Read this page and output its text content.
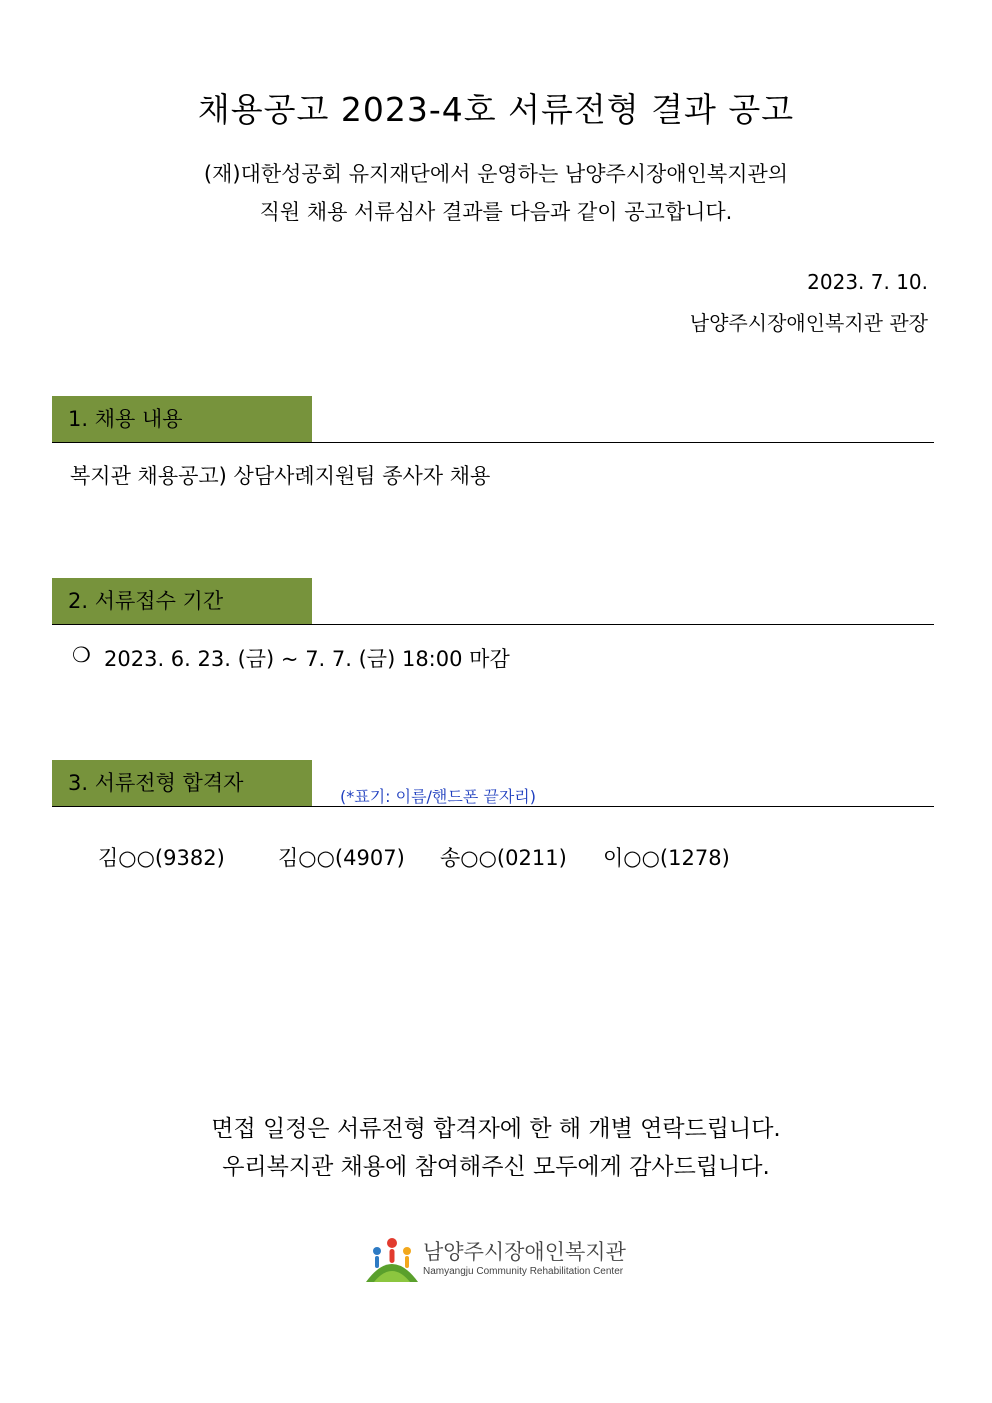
채용공고 2023-4호 서류전형 결과 공고
(재)대한성공회 유지재단에서 운영하는 남양주시장애인복지관의
직원 채용 서류심사 결과를 다음과 같이 공고합니다.
2023. 7. 10.
남양주시장애인복지관 관장
1. 채용 내용
복지관 채용공고) 상담사례지원팀 종사자 채용
2. 서류접수 기간
❍ 2023. 6. 23. (금) ~ 7. 7. (금) 18:00 마감
3. 서류전형 합격자
(*표기: 이름/핸드폰 끝자리)
김○○(9382)	김○○(4907) 송○○(0211) 이○○(1278)
면접 일정은 서류전형 합격자에 한 해 개별 연락드립니다.
우리복지관 채용에 참여해주신 모두에게 감사드립니다.
남양주시장애인복지관
Namyangju Community Rehabilitation Center
